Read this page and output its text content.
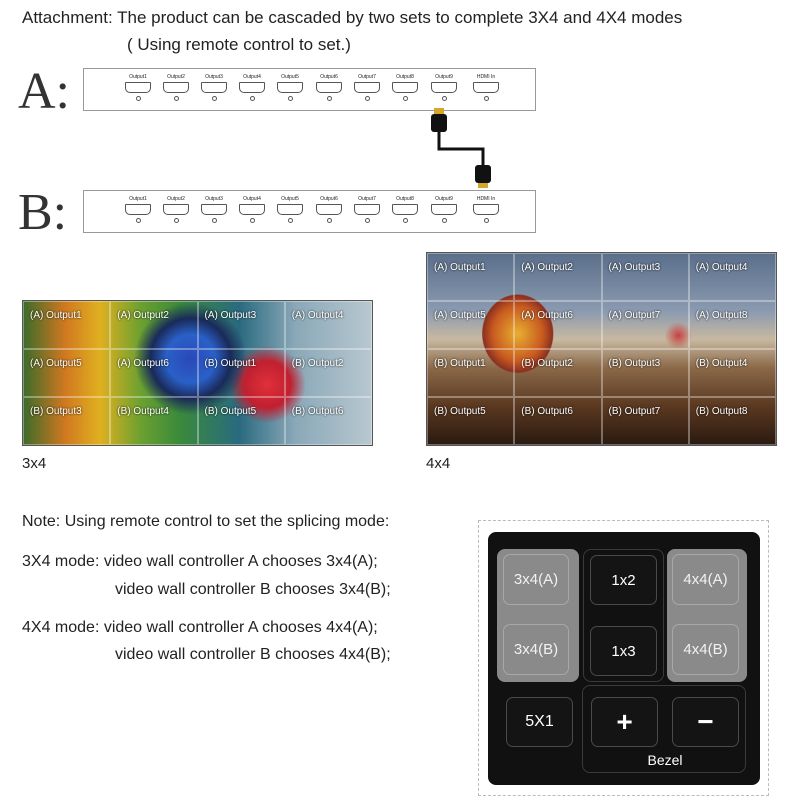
Attachment: The product can be cascaded by two sets to complete 3X4 and 4X4 modes
( Using remote control to set.)
A:	Output1	Output2	Output3	Output4	Output5	Output6	Output7	Output8	Output9	HDMI In
B:	Output1	Output2	Output3	Output4	Output5	Output6	Output7	Output8	Output9	HDMI In
(A) Output1	(A) Output2	(A) Output3	(A) Output4
(A) Output5	(A) Output6	(B) Output1	(B) Output2
(B) Output3	(B) Output4	(B) Output5	(B) Output6
3x4
(A) Output1	(A) Output2	(A) Output3	(A) Output4
(A) Output5	(A) Output6	(A) Output7	(A) Output8
(B) Output1	(B) Output2	(B) Output3	(B) Output4
(B) Output5	(B) Output6	(B) Output7	(B) Output8
4x4
Note: Using remote control to set the splicing mode:
3X4 mode: video wall controller A chooses 3x4(A);
video wall controller B chooses 3x4(B);
4X4 mode: video wall controller A chooses 4x4(A);
video wall controller B chooses 4x4(B);
3x4(A)
3x4(B)
1x2
1x3
4x4(A)
4x4(B)
5X1	+	−
Bezel
